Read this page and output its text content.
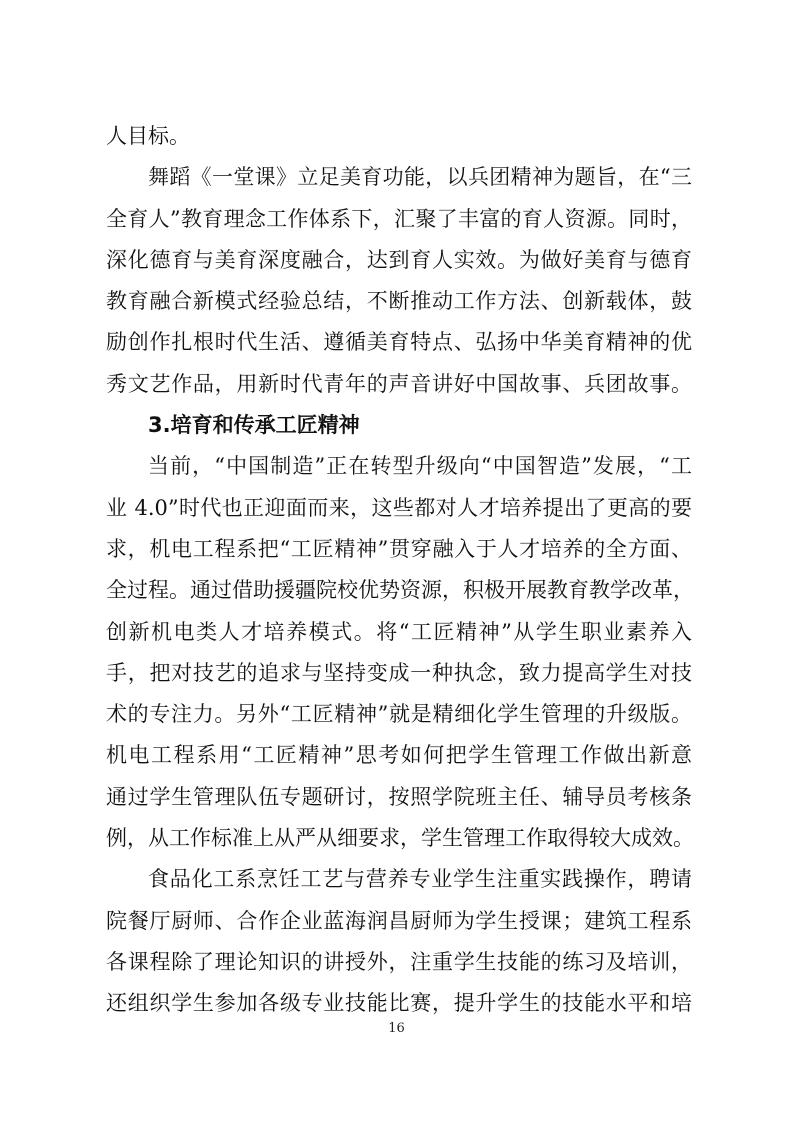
人目标。
舞蹈《一堂课》立足美育功能，以兵团精神为题旨，在“三
全育人”教育理念工作体系下，汇聚了丰富的育人资源。同时，
深化德育与美育深度融合，达到育人实效。为做好美育与德育
教育融合新模式经验总结，不断推动工作方法、创新载体，鼓
励创作扎根时代生活、遵循美育特点、弘扬中华美育精神的优
秀文艺作品，用新时代青年的声音讲好中国故事、兵团故事。
3.培育和传承工匠精神
当前，“中国制造”正在转型升级向“中国智造”发展，“工
业 4.0”时代也正迎面而来，这些都对人才培养提出了更高的要
求，机电工程系把“工匠精神”贯穿融入于人才培养的全方面、
全过程。通过借助援疆院校优势资源，积极开展教育教学改革，
创新机电类人才培养模式。将“工匠精神”从学生职业素养入
手，把对技艺的追求与坚持变成一种执念，致力提高学生对技
术的专注力。另外“工匠精神”就是精细化学生管理的升级版。
机电工程系用“工匠精神”思考如何把学生管理工作做出新意
通过学生管理队伍专题研讨，按照学院班主任、辅导员考核条
例，从工作标准上从严从细要求，学生管理工作取得较大成效。
食品化工系烹饪工艺与营养专业学生注重实践操作，聘请
院餐厅厨师、合作企业蓝海润昌厨师为学生授课；建筑工程系
各课程除了理论知识的讲授外，注重学生技能的练习及培训，
还组织学生参加各级专业技能比赛，提升学生的技能水平和培
16
